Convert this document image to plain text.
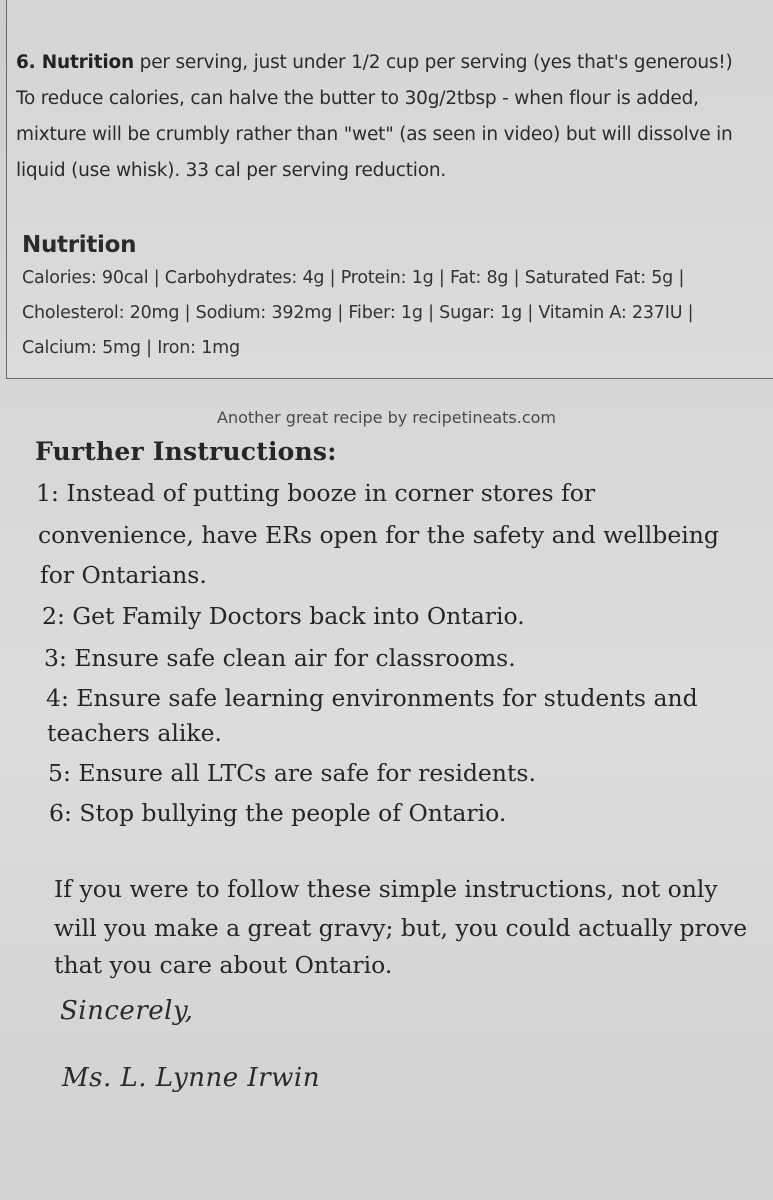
6. Nutrition per serving, just under 1/2 cup per serving (yes that's generous!)
To reduce calories, can halve the butter to 30g/2tbsp - when flour is added,
mixture will be crumbly rather than "wet" (as seen in video) but will dissolve in
liquid (use whisk). 33 cal per serving reduction.
Nutrition
Calories: 90cal | Carbohydrates: 4g | Protein: 1g | Fat: 8g | Saturated Fat: 5g |
Cholesterol: 20mg | Sodium: 392mg | Fiber: 1g | Sugar: 1g | Vitamin A: 237IU |
Calcium: 5mg | Iron: 1mg
Another great recipe by recipetineats.com
Further Instructions:
1: Instead of putting booze in corner stores for
convenience, have ERs open for the safety and wellbeing
for Ontarians.
2: Get Family Doctors back into Ontario.
3: Ensure safe clean air for classrooms.
4: Ensure safe learning environments for students and
teachers alike.
5: Ensure all LTCs are safe for residents.
6: Stop bullying the people of Ontario.
If you were to follow these simple instructions, not only
will you make a great gravy; but, you could actually prove
that you care about Ontario.
Sincerely,
Ms. L. Lynne Irwin
